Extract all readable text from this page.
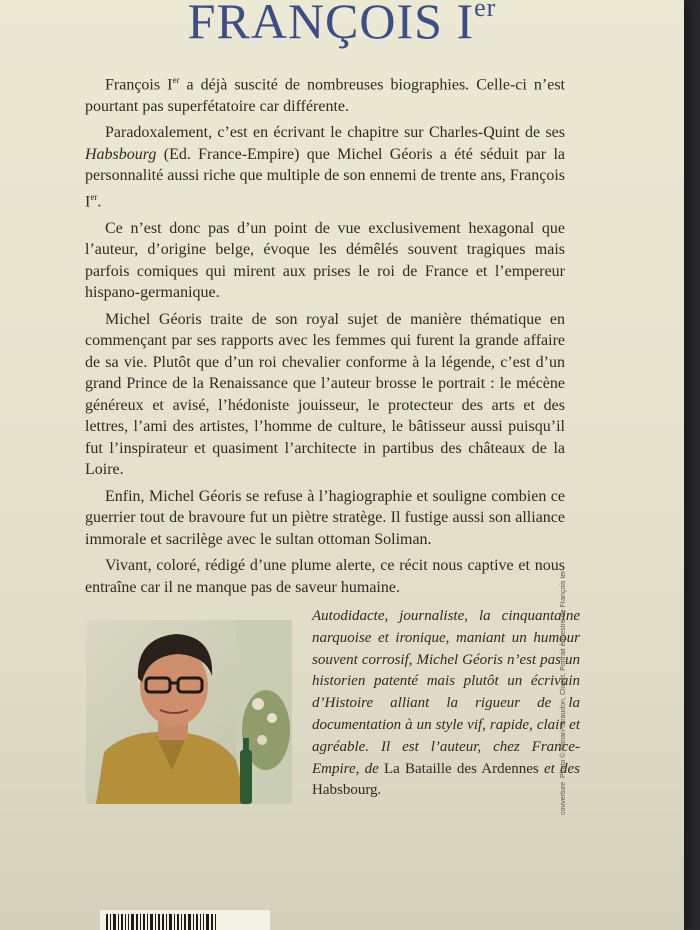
FRANÇOIS Ier

François Ier a déjà suscité de nombreuses biographies. Celle-ci n’est pourtant pas superfétatoire car différente.

Paradoxalement, c’est en écrivant le chapitre sur Charles-Quint de ses Habsbourg (Ed. France-Empire) que Michel Géoris a été séduit par la personnalité aussi riche que multiple de son ennemi de trente ans, François Ier.

Ce n’est donc pas d’un point de vue exclusivement hexagonal que l’auteur, d’origine belge, évoque les démêlés souvent tragiques mais parfois comiques qui mirent aux prises le roi de France et l’empereur hispano-germanique.

Michel Géoris traite de son royal sujet de manière thématique en commençant par ses rapports avec les femmes qui furent la grande affaire de sa vie. Plutôt que d’un roi chevalier conforme à la légende, c’est d’un grand Prince de la Renaissance que l’auteur brosse le portrait : le mécène généreux et avisé, l’hédoniste jouisseur, le protecteur des arts et des lettres, l’ami des artistes, l’homme de culture, le bâtisseur aussi puisqu’il fut l’inspirateur et quasiment l’architecte in partibus des châteaux de la Loire.

Enfin, Michel Géoris se refuse à l’hagiographie et souligne combien ce guerrier tout de bravoure fut un piètre stratège. Il fustige aussi son alliance immorale et sacrilège avec le sultan ottoman Soliman.

Vivant, coloré, rédigé d’une plume alerte, ce récit nous captive et nous entraîne car il ne manque pas de saveur humaine.

Autodidacte, journaliste, la cinquantaine narquoise et ironique, maniant un humour souvent corrosif, Michel Géoris n’est pas un historien patenté mais plutôt un écrivain d’Histoire alliant la rigueur de la documentation à un style vif, rapide, clair et agréable. Il est l’auteur, chez France-Empire, de La Bataille des Ardennes et des Habsbourg.	couverture  Photo © Allinari-Giraudon, Clouet, Portrait équestre de François Ier
